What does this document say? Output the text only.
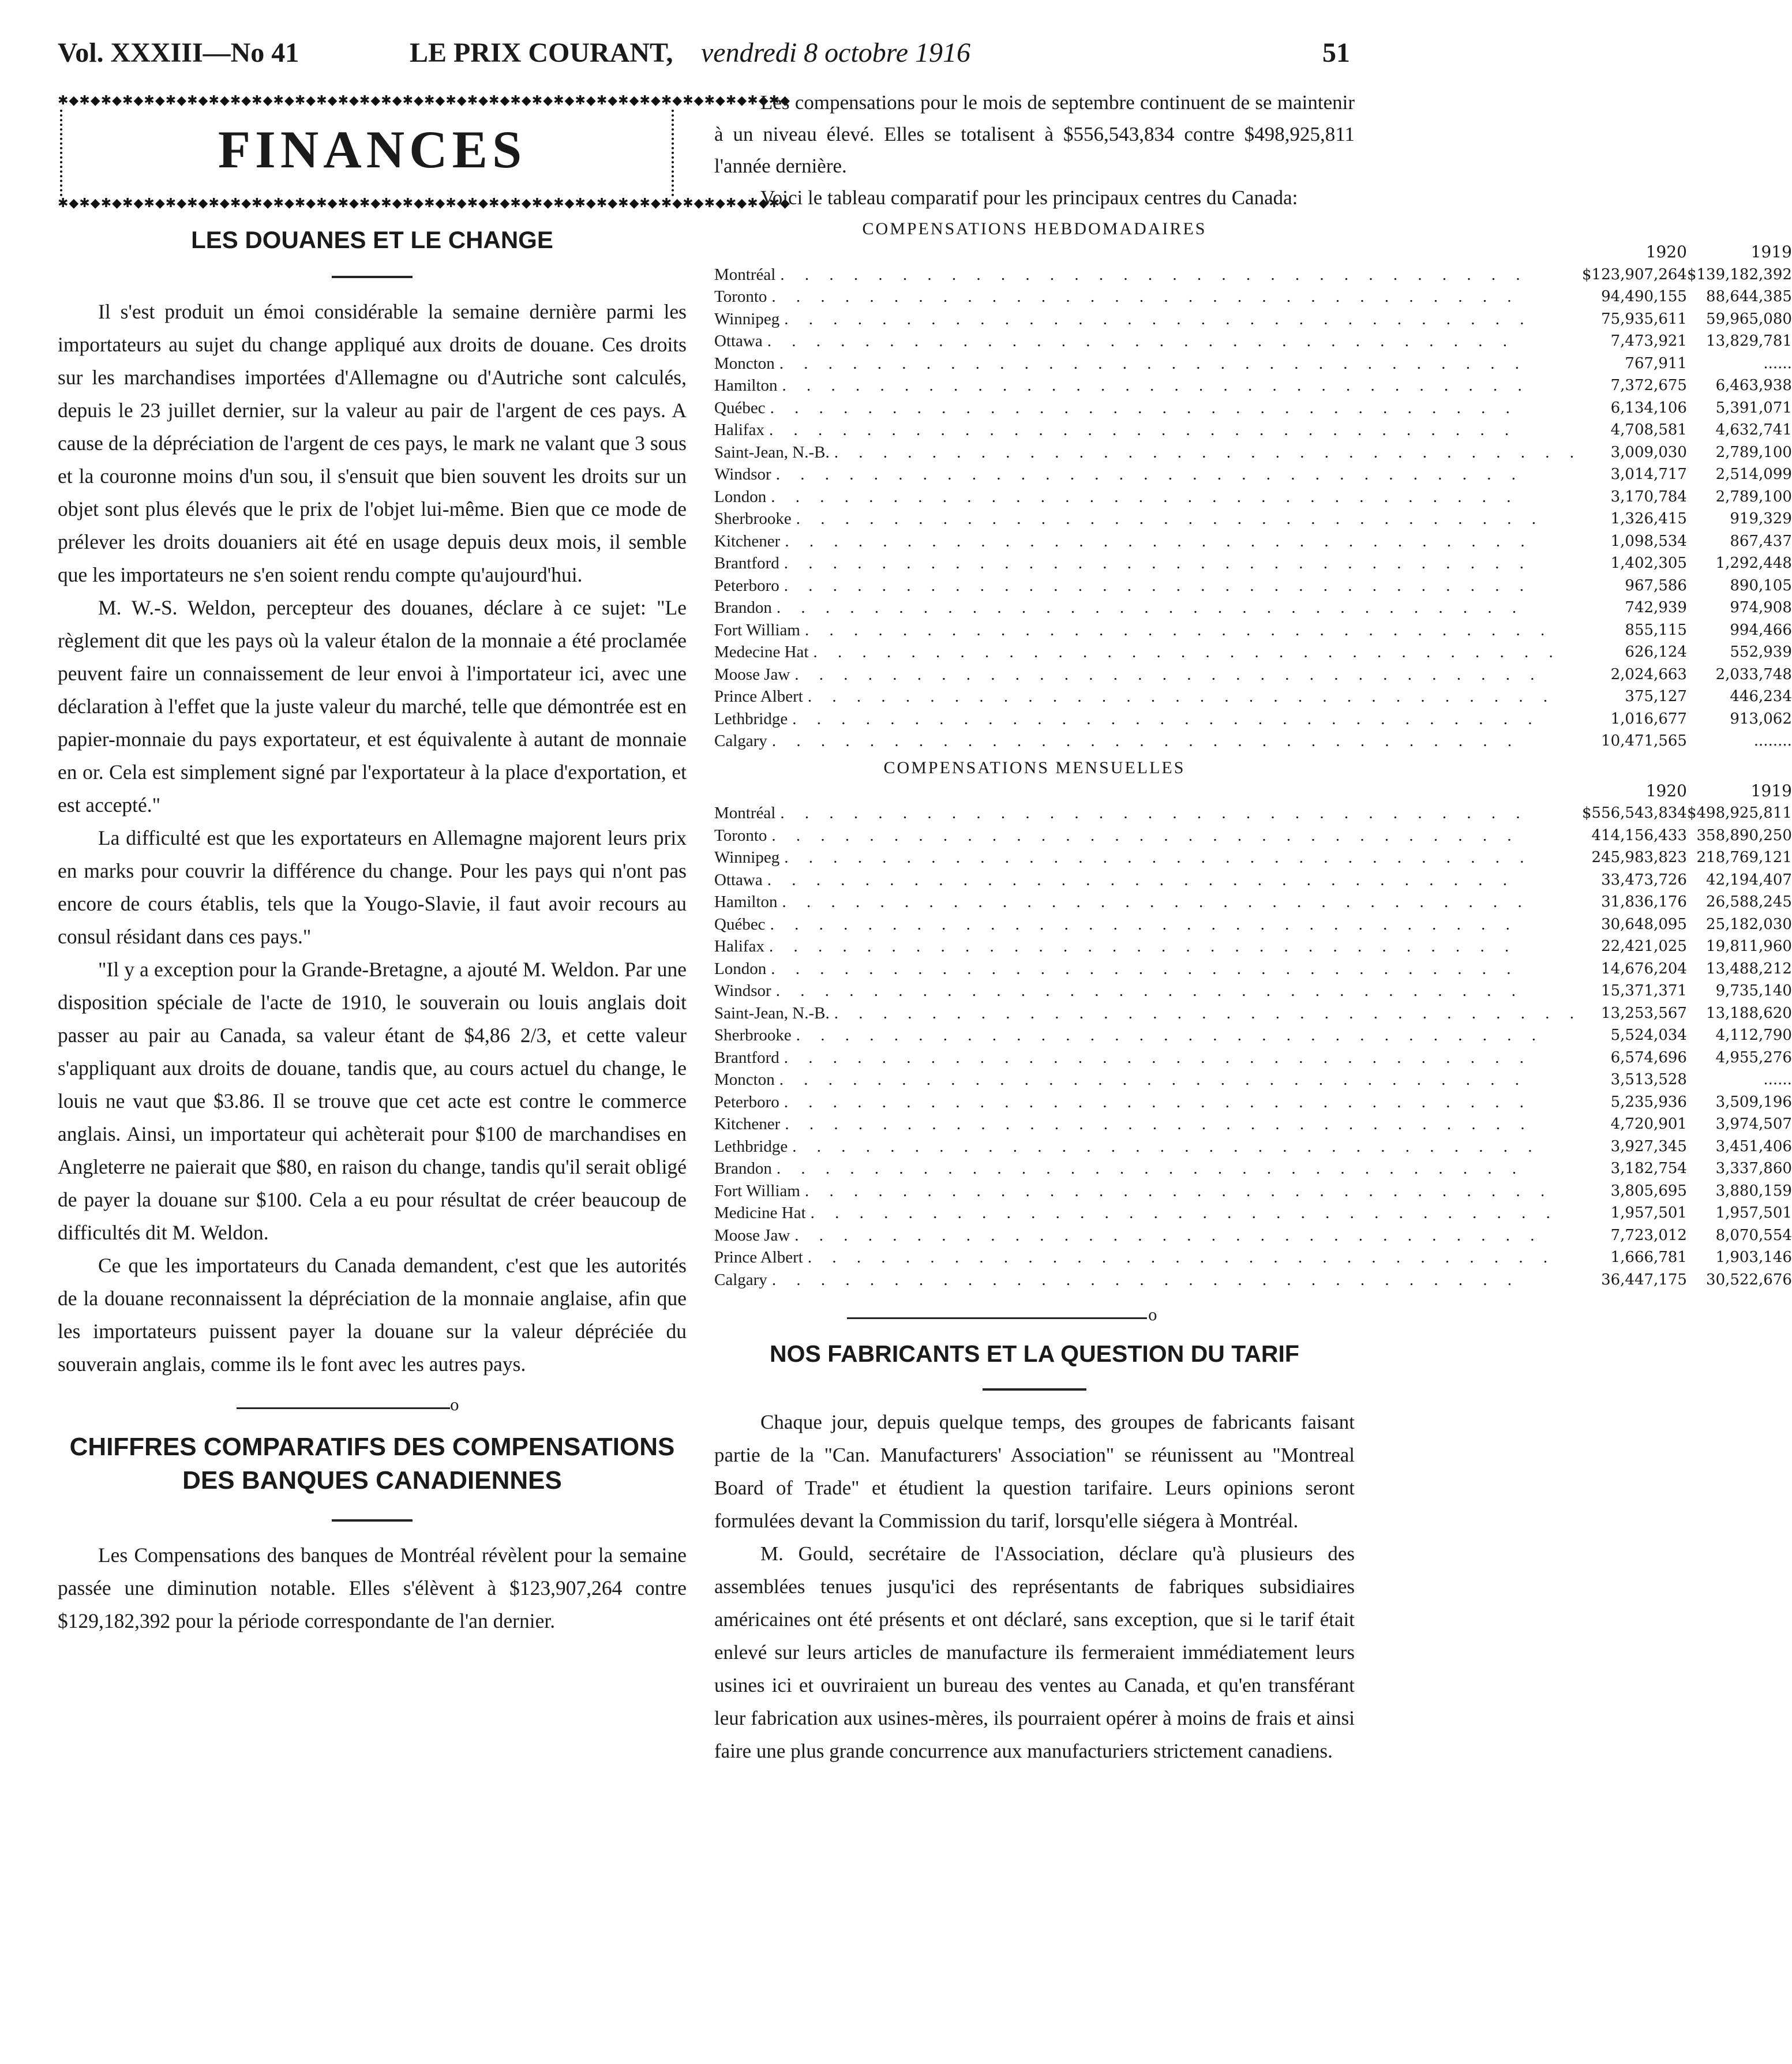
Vol. XXXIII—No 41	LE PRIX COURANT, vendredi 8 octobre 1916	51
✱◆✱◆✱◆✱◆✱◆✱◆✱◆✱◆✱◆✱◆✱◆✱◆✱◆✱◆✱◆✱◆✱◆✱◆✱◆✱◆✱◆✱◆✱◆✱◆✱◆✱◆✱◆✱◆✱◆✱◆✱◆✱◆✱◆✱◆
FINANCES
✱◆✱◆✱◆✱◆✱◆✱◆✱◆✱◆✱◆✱◆✱◆✱◆✱◆✱◆✱◆✱◆✱◆✱◆✱◆✱◆✱◆✱◆✱◆✱◆✱◆✱◆✱◆✱◆✱◆✱◆✱◆✱◆✱◆✱◆
LES DOUANES ET LE CHANGE

Il s'est produit un émoi considérable la semaine dernière parmi les importateurs au sujet du change appliqué aux droits de douane. Ces droits sur les marchandises importées d'Allemagne ou d'Autriche sont calculés, depuis le 23 juillet dernier, sur la valeur au pair de l'argent de ces pays. A cause de la dépréciation de l'argent de ces pays, le mark ne valant que 3 sous et la couronne moins d'un sou, il s'ensuit que bien souvent les droits sur un objet sont plus élevés que le prix de l'objet lui-même. Bien que ce mode de prélever les droits douaniers ait été en usage depuis deux mois, il semble que les importateurs ne s'en soient rendu compte qu'aujourd'hui.

M. W.-S. Weldon, percepteur des douanes, déclare à ce sujet: "Le règlement dit que les pays où la valeur étalon de la monnaie a été proclamée peuvent faire un connaissement de leur envoi à l'importateur ici, avec une déclaration à l'effet que la juste valeur du marché, telle que démontrée est en papier-monnaie du pays exportateur, et est équivalente à autant de monnaie en or. Cela est simplement signé par l'exportateur à la place d'exportation, et est accepté."

La difficulté est que les exportateurs en Allemagne majorent leurs prix en marks pour couvrir la différence du change. Pour les pays qui n'ont pas encore de cours établis, tels que la Yougo-Slavie, il faut avoir recours au consul résidant dans ces pays."

"Il y a exception pour la Grande-Bretagne, a ajouté M. Weldon. Par une disposition spéciale de l'acte de 1910, le souverain ou louis anglais doit passer au pair au Canada, sa valeur étant de $4,86 2/3, et cette valeur s'appliquant aux droits de douane, tandis que, au cours actuel du change, le louis ne vaut que $3.86. Il se trouve que cet acte est contre le commerce anglais. Ainsi, un importateur qui achèterait pour $100 de marchandises en Angleterre ne paierait que $80, en raison du change, tandis qu'il serait obligé de payer la douane sur $100. Cela a eu pour résultat de créer beaucoup de difficultés dit M. Weldon.

Ce que les importateurs du Canada demandent, c'est que les autorités de la douane reconnaissent la dépréciation de la monnaie anglaise, afin que les importateurs puissent payer la douane sur la valeur dépréciée du souverain anglais, comme ils le font avec les autres pays.

o
CHIFFRES COMPARATIFS DES COMPENSATIONS DES BANQUES CANADIENNES

Les Compensations des banques de Montréal révèlent pour la semaine passée une diminution notable. Elles s'élèvent à $123,907,264 contre $129,182,392 pour la période correspondante de l'an dernier.

Les compensations pour le mois de septembre continuent de se maintenir à un niveau élevé. Elles se totalisent à $556,543,834 contre $498,925,811 l'année dernière.

Voici le tableau comparatif pour les principaux centres du Canada:

COMPENSATIONS HEBDOMADAIRES
	1920	1919

Montréal . . . . . . . . . . . . . . . . . . . . . . . . . . . . . . .	$123,907,264	$139,182,392

Toronto . . . . . . . . . . . . . . . . . . . . . . . . . . . . . . .	94,490,155	88,644,385

Winnipeg . . . . . . . . . . . . . . . . . . . . . . . . . . . . . . .	75,935,611	59,965,080

Ottawa . . . . . . . . . . . . . . . . . . . . . . . . . . . . . . .	7,473,921	13,829,781

Moncton . . . . . . . . . . . . . . . . . . . . . . . . . . . . . . .	767,911	......

Hamilton . . . . . . . . . . . . . . . . . . . . . . . . . . . . . . .	7,372,675	6,463,938

Québec . . . . . . . . . . . . . . . . . . . . . . . . . . . . . . .	6,134,106	5,391,071

Halifax . . . . . . . . . . . . . . . . . . . . . . . . . . . . . . .	4,708,581	4,632,741

Saint-Jean, N.-B. . . . . . . . . . . . . . . . . . . . . . . . . . . . . . . .	3,009,030	2,789,100

Windsor . . . . . . . . . . . . . . . . . . . . . . . . . . . . . . .	3,014,717	2,514,099

London . . . . . . . . . . . . . . . . . . . . . . . . . . . . . . .	3,170,784	2,789,100

Sherbrooke . . . . . . . . . . . . . . . . . . . . . . . . . . . . . . .	1,326,415	919,329

Kitchener . . . . . . . . . . . . . . . . . . . . . . . . . . . . . . .	1,098,534	867,437

Brantford . . . . . . . . . . . . . . . . . . . . . . . . . . . . . . .	1,402,305	1,292,448

Peterboro . . . . . . . . . . . . . . . . . . . . . . . . . . . . . . .	967,586	890,105

Brandon . . . . . . . . . . . . . . . . . . . . . . . . . . . . . . .	742,939	974,908

Fort William . . . . . . . . . . . . . . . . . . . . . . . . . . . . . . .	855,115	994,466

Medecine Hat . . . . . . . . . . . . . . . . . . . . . . . . . . . . . . .	626,124	552,939

Moose Jaw . . . . . . . . . . . . . . . . . . . . . . . . . . . . . . .	2,024,663	2,033,748

Prince Albert . . . . . . . . . . . . . . . . . . . . . . . . . . . . . . .	375,127	446,234

Lethbridge . . . . . . . . . . . . . . . . . . . . . . . . . . . . . . .	1,016,677	913,062

Calgary . . . . . . . . . . . . . . . . . . . . . . . . . . . . . . .	10,471,565	........
COMPENSATIONS MENSUELLES
	1920	1919

Montréal . . . . . . . . . . . . . . . . . . . . . . . . . . . . . . .	$556,543,834	$498,925,811

Toronto . . . . . . . . . . . . . . . . . . . . . . . . . . . . . . .	414,156,433	358,890,250

Winnipeg . . . . . . . . . . . . . . . . . . . . . . . . . . . . . . .	245,983,823	218,769,121

Ottawa . . . . . . . . . . . . . . . . . . . . . . . . . . . . . . .	33,473,726	42,194,407

Hamilton . . . . . . . . . . . . . . . . . . . . . . . . . . . . . . .	31,836,176	26,588,245

Québec . . . . . . . . . . . . . . . . . . . . . . . . . . . . . . .	30,648,095	25,182,030

Halifax . . . . . . . . . . . . . . . . . . . . . . . . . . . . . . .	22,421,025	19,811,960

London . . . . . . . . . . . . . . . . . . . . . . . . . . . . . . .	14,676,204	13,488,212

Windsor . . . . . . . . . . . . . . . . . . . . . . . . . . . . . . .	15,371,371	9,735,140

Saint-Jean, N.-B. . . . . . . . . . . . . . . . . . . . . . . . . . . . . . . .	13,253,567	13,188,620

Sherbrooke . . . . . . . . . . . . . . . . . . . . . . . . . . . . . . .	5,524,034	4,112,790

Brantford . . . . . . . . . . . . . . . . . . . . . . . . . . . . . . .	6,574,696	4,955,276

Moncton . . . . . . . . . . . . . . . . . . . . . . . . . . . . . . .	3,513,528	......

Peterboro . . . . . . . . . . . . . . . . . . . . . . . . . . . . . . .	5,235,936	3,509,196

Kitchener . . . . . . . . . . . . . . . . . . . . . . . . . . . . . . .	4,720,901	3,974,507

Lethbridge . . . . . . . . . . . . . . . . . . . . . . . . . . . . . . .	3,927,345	3,451,406

Brandon . . . . . . . . . . . . . . . . . . . . . . . . . . . . . . .	3,182,754	3,337,860

Fort William . . . . . . . . . . . . . . . . . . . . . . . . . . . . . . .	3,805,695	3,880,159

Medicine Hat . . . . . . . . . . . . . . . . . . . . . . . . . . . . . . .	1,957,501	1,957,501

Moose Jaw . . . . . . . . . . . . . . . . . . . . . . . . . . . . . . .	7,723,012	8,070,554

Prince Albert . . . . . . . . . . . . . . . . . . . . . . . . . . . . . . .	1,666,781	1,903,146

Calgary . . . . . . . . . . . . . . . . . . . . . . . . . . . . . . .	36,447,175	30,522,676
o
NOS FABRICANTS ET LA QUESTION DU TARIF

Chaque jour, depuis quelque temps, des groupes de fabricants faisant partie de la "Can. Manufacturers' Association" se réunissent au "Montreal Board of Trade" et étudient la question tarifaire. Leurs opinions seront formulées devant la Commission du tarif, lorsqu'elle siégera à Montréal.

M. Gould, secrétaire de l'Association, déclare qu'à plusieurs des assemblées tenues jusqu'ici des représentants de fabriques subsidiaires américaines ont été présents et ont déclaré, sans exception, que si le tarif était enlevé sur leurs articles de manufacture ils fermeraient immédiatement leurs usines ici et ouvriraient un bureau des ventes au Canada, et qu'en transférant leur fabrication aux usines-mères, ils pourraient opérer à moins de frais et ainsi faire une plus grande concurrence aux manufacturiers strictement canadiens.
